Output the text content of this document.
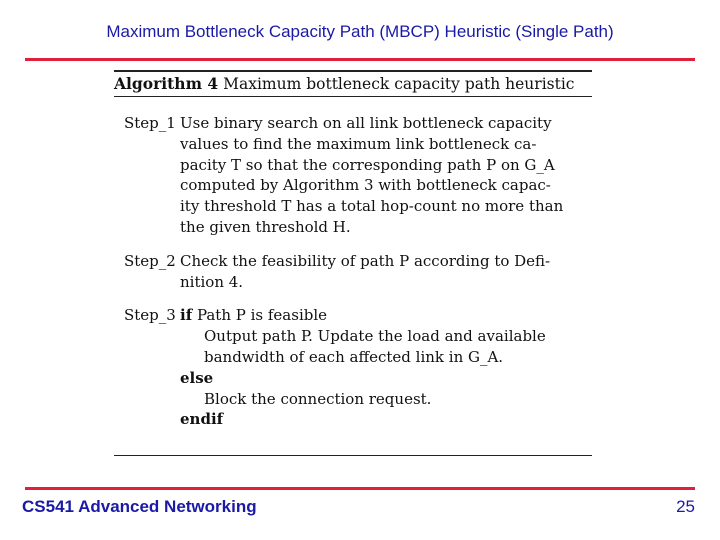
Maximum Bottleneck Capacity Path (MBCP) Heuristic (Single Path)
Algorithm 4 Maximum bottleneck capacity path heuristic
Step_1 Use binary search on all link bottleneck capacity
values to find the maximum link bottleneck ca-
pacity T so that the corresponding path P on G_A
computed by Algorithm 3 with bottleneck capac-
ity threshold T has a total hop-count no more than
the given threshold H.
Step_2 Check the feasibility of path P according to Defi-
nition 4.
Step_3 if Path P is feasible
Output path P. Update the load and available
bandwidth of each affected link in G_A.
else
Block the connection request.
endif
CS541 Advanced Networking	25
